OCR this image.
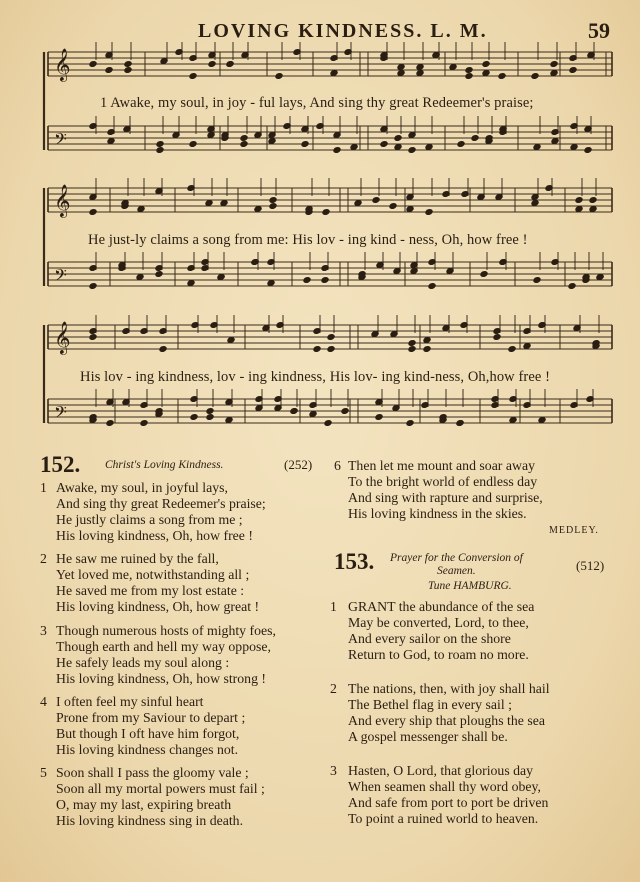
LOVING KINDNESS. L. M.	59
𝄞
𝄢
𝄞
𝄢
𝄞
𝄢
1 Awake, my soul, in joy - ful lays, And sing thy great Redeemer's praise;
He just-ly claims a song from me: His lov - ing kind - ness, Oh, how free !
His lov - ing kindness, lov - ing kindness, His lov- ing kind-ness, Oh,how free !
152. Christ's Loving Kindness.	(252)
1 Awake, my soul, in joyful lays,
And sing thy great Redeemer's praise;
He justly claims a song from me ;
His loving kindness, Oh, how free !
2 He saw me ruined by the fall,
Yet loved me, notwithstanding all ;
He saved me from my lost estate :
His loving kindness, Oh, how great !
3 Though numerous hosts of mighty foes,
Though earth and hell my way oppose,
He safely leads my soul along :
His loving kindness, Oh, how strong !
4 I often feel my sinful heart
Prone from my Saviour to depart ;
But though I oft have him forgot,
His loving kindness changes not.
5 Soon shall I pass the gloomy vale ;
Soon all my mortal powers must fail ;
O, may my last, expiring breath
His loving kindness sing in death.
6 Then let me mount and soar away
To the bright world of endless day
And sing with rapture and surprise,
His loving kindness in the skies.
MEDLEY.
153. Prayer for the Conversion of
Seamen.	(512)
Tune HAMBURG.
1 GRANT the abundance of the sea
May be converted, Lord, to thee,
And every sailor on the shore
Return to God, to roam no more.
2 The nations, then, with joy shall hail
The Bethel flag in every sail ;
And every ship that ploughs the sea
A gospel messenger shall be.
3 Hasten, O Lord, that glorious day
When seamen shall thy word obey,
And safe from port to port be driven
To point a ruined world to heaven.
